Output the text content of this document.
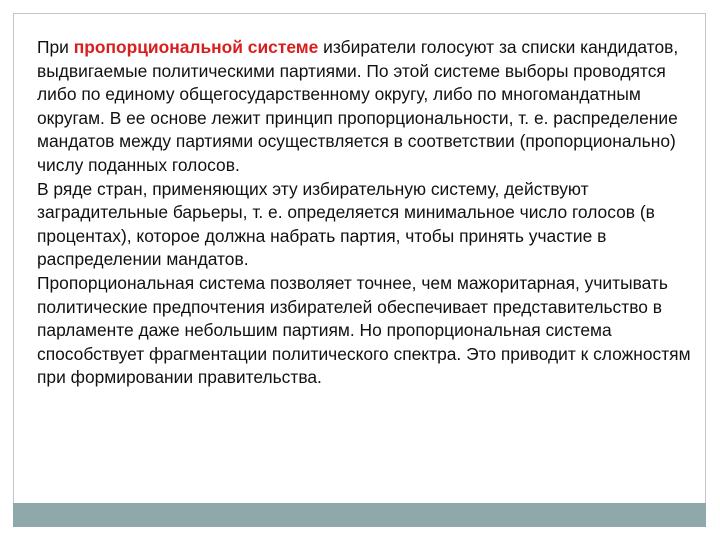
При пропорциональной системе избиратели голосуют за списки кандидатов, выдвигаемые политическими партиями. По этой системе выборы проводятся либо по единому общегосударственному округу, либо по многомандатным округам. В ее основе лежит принцип пропорциональности, т. е. распределение мандатов между партиями осуществляется в соответствии (пропорционально) числу поданных голосов.

В ряде стран, применяющих эту избирательную систему, действуют заградительные барьеры, т. е. определяется минимальное число голосов (в процентах), которое должна набрать партия, чтобы принять участие в распределении мандатов.

Пропорциональная система позволяет точнее, чем мажоритарная, учитывать политические предпочтения избирателей обеспечивает представительство в парламенте даже небольшим партиям. Но пропорциональная система способствует фрагментации политического спектра. Это приводит к сложностям при формировании правительства.
